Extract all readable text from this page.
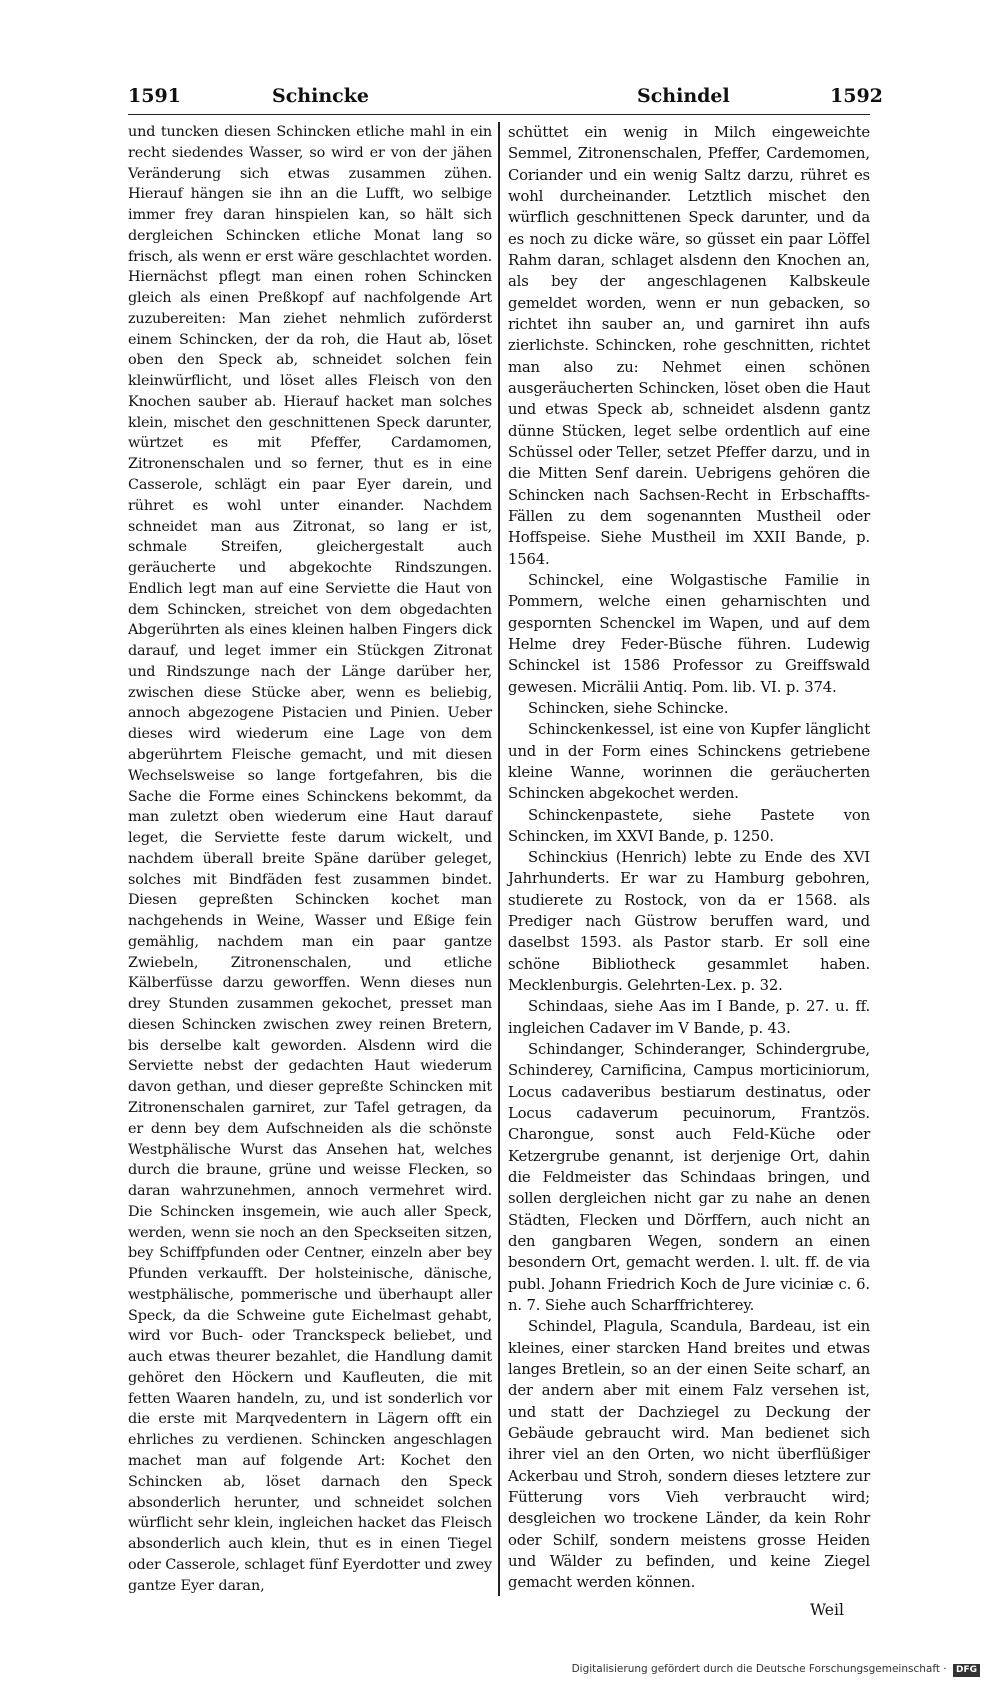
1591	Schincke	Schindel	1592

und tuncken diesen Schincken etliche mahl in ein recht siedendes Wasser, so wird er von der jähen Veränderung sich etwas zusammen zühen. Hierauf hängen sie ihn an die Lufft, wo selbige immer frey daran hinspielen kan, so hält sich dergleichen Schincken etliche Monat lang so frisch, als wenn er erst wäre geschlachtet worden. Hiernächst pflegt man einen rohen Schincken gleich als einen Preßkopf auf nachfolgende Art zuzubereiten: Man ziehet nehmlich zuförderst einem Schincken, der da roh, die Haut ab, löset oben den Speck ab, schneidet solchen fein kleinwürflicht, und löset alles Fleisch von den Knochen sauber ab. Hierauf hacket man solches klein, mischet den geschnittenen Speck darunter, würtzet es mit Pfeffer, Cardamomen, Zitronenschalen und so ferner, thut es in eine Casserole, schlägt ein paar Eyer darein, und rühret es wohl unter einander. Nachdem schneidet man aus Zitronat, so lang er ist, schmale Streifen, gleichergestalt auch geräucherte und abgekochte Rindszungen. Endlich legt man auf eine Serviette die Haut von dem Schincken, streichet von dem obgedachten Abgerührten als eines kleinen halben Fingers dick darauf, und leget immer ein Stückgen Zitronat und Rindszunge nach der Länge darüber her, zwischen diese Stücke aber, wenn es beliebig, annoch abgezogene Pistacien und Pinien. Ueber dieses wird wiederum eine Lage von dem abgerührtem Fleische gemacht, und mit diesen Wechselsweise so lange fortgefahren, bis die Sache die Forme eines Schinckens bekommt, da man zuletzt oben wiederum eine Haut darauf leget, die Serviette feste darum wickelt, und nachdem überall breite Späne darüber geleget, solches mit Bindfäden fest zusammen bindet. Diesen gepreßten Schincken kochet man nachgehends in Weine, Wasser und Eßige fein gemählig, nachdem man ein paar gantze Zwiebeln, Zitronenschalen, und etliche Kälberfüsse darzu geworffen. Wenn dieses nun drey Stunden zusammen gekochet, presset man diesen Schincken zwischen zwey reinen Bretern, bis derselbe kalt geworden. Alsdenn wird die Serviette nebst der gedachten Haut wiederum davon gethan, und dieser gepreßte Schincken mit Zitronenschalen garniret, zur Tafel getragen, da er denn bey dem Aufschneiden als die schönste Westphälische Wurst das Ansehen hat, welches durch die braune, grüne und weisse Flecken, so daran wahrzunehmen, annoch vermehret wird. Die Schincken insgemein, wie auch aller Speck, werden, wenn sie noch an den Speckseiten sitzen, bey Schiffpfunden oder Centner, einzeln aber bey Pfunden verkaufft. Der holsteinische, dänische, westphälische, pommerische und überhaupt aller Speck, da die Schweine gute Eichelmast gehabt, wird vor Buch- oder Tranckspeck beliebet, und auch etwas theurer bezahlet, die Handlung damit gehöret den Höckern und Kaufleuten, die mit fetten Waaren handeln, zu, und ist sonderlich vor die erste mit Marqvedentern in Lägern offt ein ehrliches zu verdienen. Schincken angeschlagen machet man auf folgende Art: Kochet den Schincken ab, löset darnach den Speck absonderlich herunter, und schneidet solchen würflicht sehr klein, ingleichen hacket das Fleisch absonderlich auch klein, thut es in einen Tiegel oder Casserole, schlaget fünf Eyerdotter und zwey gantze Eyer daran,

schüttet ein wenig in Milch eingeweichte Semmel, Zitronenschalen, Pfeffer, Cardemomen, Coriander und ein wenig Saltz darzu, rühret es wohl durcheinander. Letztlich mischet den würflich geschnittenen Speck darunter, und da es noch zu dicke wäre, so güsset ein paar Löffel Rahm daran, schlaget alsdenn den Knochen an, als bey der angeschlagenen Kalbskeule gemeldet worden, wenn er nun gebacken, so richtet ihn sauber an, und garniret ihn aufs zierlichste. Schincken, rohe geschnitten, richtet man also zu: Nehmet einen schönen ausgeräucherten Schincken, löset oben die Haut und etwas Speck ab, schneidet alsdenn gantz dünne Stücken, leget selbe ordentlich auf eine Schüssel oder Teller, setzet Pfeffer darzu, und in die Mitten Senf darein. Uebrigens gehören die Schincken nach Sachsen-Recht in Erbschaffts-Fällen zu dem sogenannten Mustheil oder Hoffspeise. Siehe Mustheil im XXII Bande, p. 1564.

Schinckel, eine Wolgastische Familie in Pommern, welche einen geharnischten und gespornten Schenckel im Wapen, und auf dem Helme drey Feder-Büsche führen. Ludewig Schinckel ist 1586 Professor zu Greiffswald gewesen. Micrälii Antiq. Pom. lib. VI. p. 374.

Schincken, siehe Schincke.

Schinckenkessel, ist eine von Kupfer länglicht und in der Form eines Schinckens getriebene kleine Wanne, worinnen die geräucherten Schincken abgekochet werden.

Schinckenpastete, siehe Pastete von Schincken, im XXVI Bande, p. 1250.

Schinckius (Henrich) lebte zu Ende des XVI Jahrhunderts. Er war zu Hamburg gebohren, studierete zu Rostock, von da er 1568. als Prediger nach Güstrow beruffen ward, und daselbst 1593. als Pastor starb. Er soll eine schöne Bibliotheck gesammlet haben. Mecklenburgis. Gelehrten-Lex. p. 32.

Schindaas, siehe Aas im I Bande, p. 27. u. ff. ingleichen Cadaver im V Bande, p. 43.

Schindanger, Schinderanger, Schindergrube, Schinderey, Carnificina, Campus morticiniorum, Locus cadaveribus bestiarum destinatus, oder Locus cadaverum pecuinorum, Frantzös. Charongue, sonst auch Feld-Küche oder Ketzergrube genannt, ist derjenige Ort, dahin die Feldmeister das Schindaas bringen, und sollen dergleichen nicht gar zu nahe an denen Städten, Flecken und Dörffern, auch nicht an den gangbaren Wegen, sondern an einen besondern Ort, gemacht werden. l. ult. ff. de via publ. Johann Friedrich Koch de Jure viciniæ c. 6. n. 7. Siehe auch Scharffrichterey.

Schindel, Plagula, Scandula, Bardeau, ist ein kleines, einer starcken Hand breites und etwas langes Bretlein, so an der einen Seite scharf, an der andern aber mit einem Falz versehen ist, und statt der Dachziegel zu Deckung der Gebäude gebraucht wird. Man bedienet sich ihrer viel an den Orten, wo nicht überflüßiger Ackerbau und Stroh, sondern dieses letztere zur Fütterung vors Vieh verbraucht wird; desgleichen wo trockene Länder, da kein Rohr oder Schilf, sondern meistens grosse Heiden und Wälder zu befinden, und keine Ziegel gemacht werden können.

Weil
Digitalisierung gefördert durch die Deutsche Forschungsgemeinschaft · DFG
